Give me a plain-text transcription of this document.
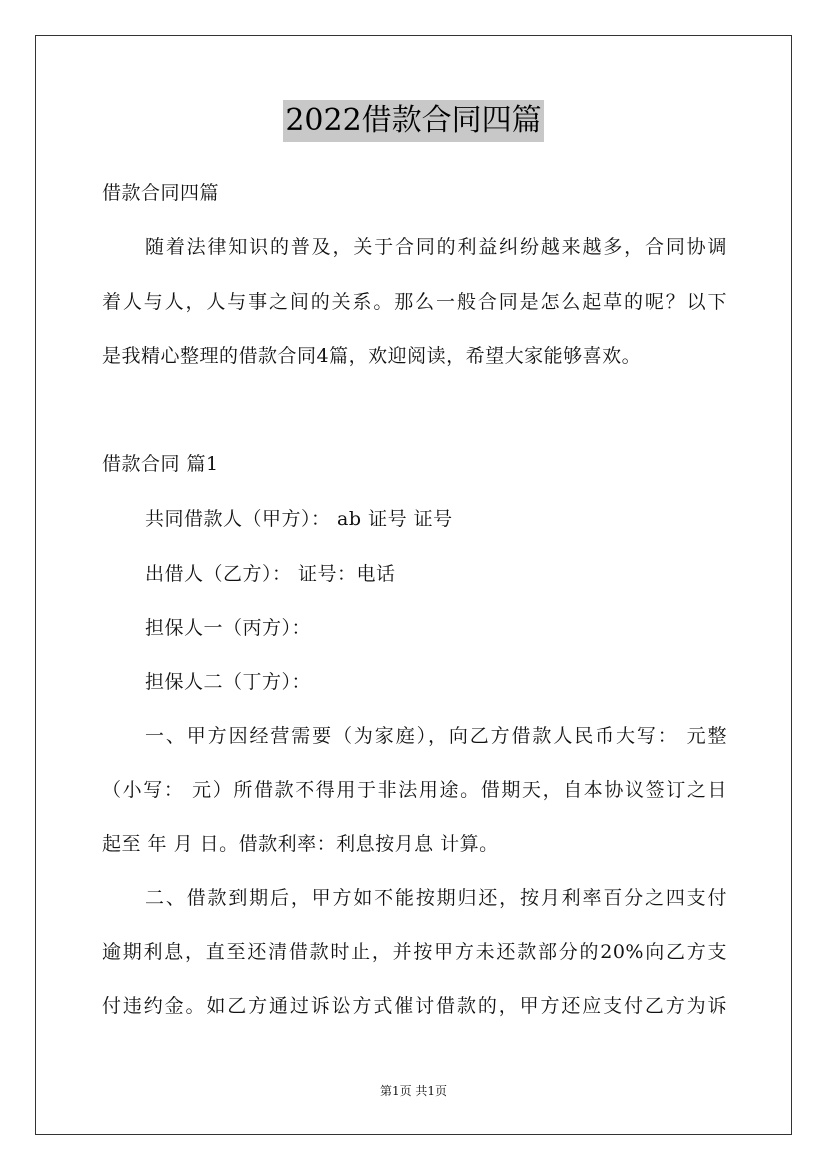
2022借款合同四篇
借款合同四篇
随着法律知识的普及，关于合同的利益纠纷越来越多，合同协调
着人与人，人与事之间的关系。那么一般合同是怎么起草的呢？以下
是我精心整理的借款合同4篇，欢迎阅读，希望大家能够喜欢。
借款合同 篇1
共同借款人（甲方）： ab 证号 证号
出借人（乙方）： 证号：电话
担保人一（丙方）：
担保人二（丁方）：
一、甲方因经营需要（为家庭），向乙方借款人民币大写： 元整
（小写： 元）所借款不得用于非法用途。借期天，自本协议签订之日
起至 年 月 日。借款利率：利息按月息 计算。
二、借款到期后，甲方如不能按期归还，按月利率百分之四支付
逾期利息，直至还清借款时止，并按甲方未还款部分的20%向乙方支
付违约金。如乙方通过诉讼方式催讨借款的，甲方还应支付乙方为诉
第1页 共1页
